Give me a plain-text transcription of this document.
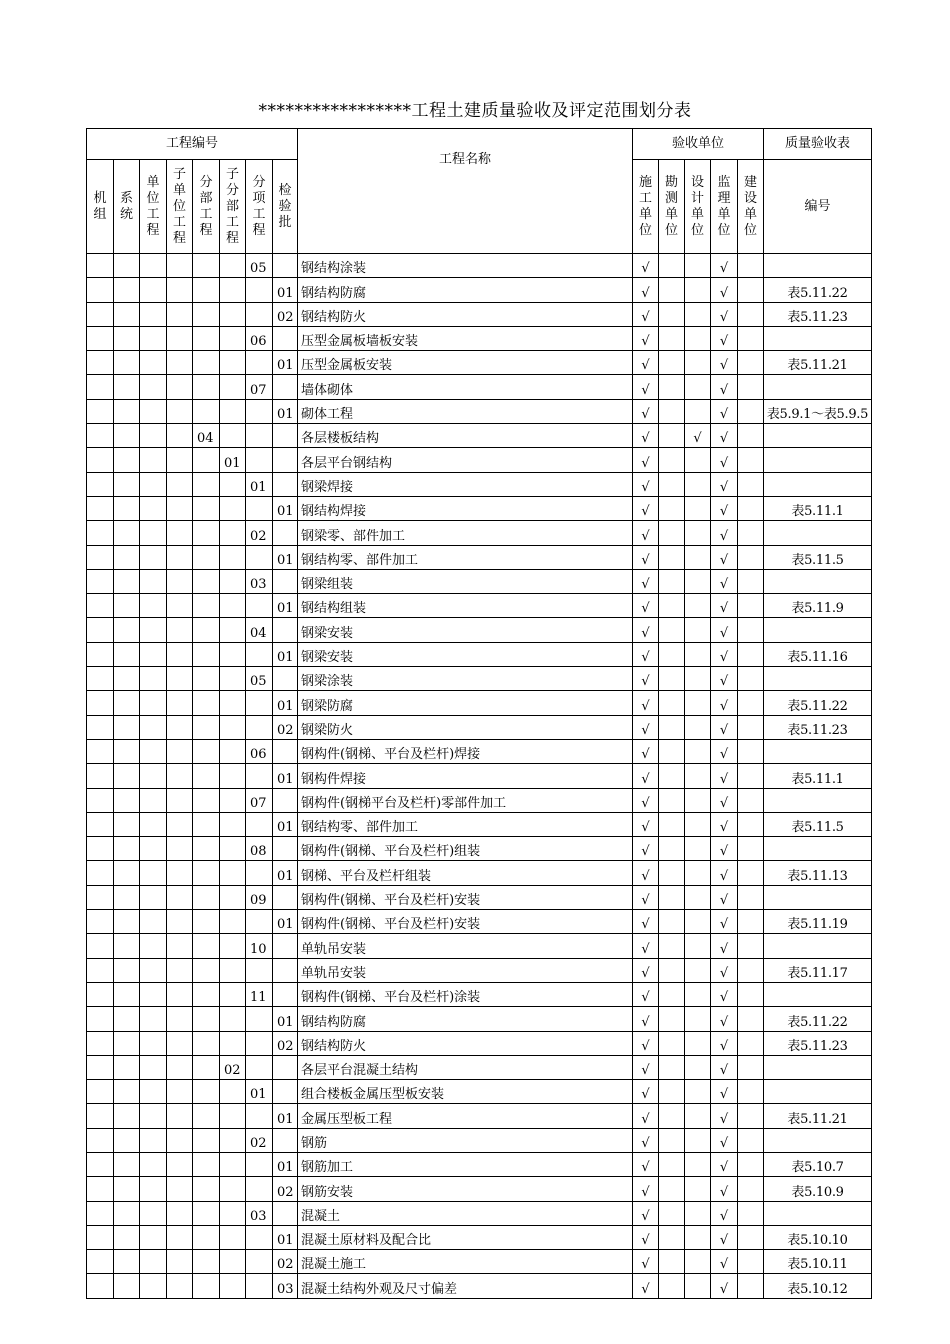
*****************工程土建质量验收及评定范围划分表
工程编号								工程名称	验收单位					质量验收表
机组	系统	单位工程	子单位工程	分部工程	子分部工程	分项工程	检验批		施工单位	勘测单位	设计单位	监理单位	建设单位	编号
						05		钢结构涂装	√			√		
							01	钢结构防腐	√			√		表5.11.22
							02	钢结构防火	√			√		表5.11.23
						06		压型金属板墙板安装	√			√		
							01	压型金属板安装	√			√		表5.11.21
						07		墙体砌体	√			√		
							01	砌体工程	√			√		表5.9.1～表5.9.5
				04				各层楼板结构	√		√	√		
					01			各层平台钢结构	√			√		
						01		钢梁焊接	√			√		
							01	钢结构焊接	√			√		表5.11.1
						02		钢梁零、部件加工	√			√		
							01	钢结构零、部件加工	√			√		表5.11.5
						03		钢梁组装	√			√		
							01	钢结构组装	√			√		表5.11.9
						04		钢梁安装	√			√		
							01	钢梁安装	√			√		表5.11.16
						05		钢梁涂装	√			√		
							01	钢梁防腐	√			√		表5.11.22
							02	钢梁防火	√			√		表5.11.23
						06		钢构件(钢梯、平台及栏杆)焊接	√			√		
							01	钢构件焊接	√			√		表5.11.1
						07		钢构件(钢梯平台及栏杆)零部件加工	√			√		
							01	钢结构零、部件加工	√			√		表5.11.5
						08		钢构件(钢梯、平台及栏杆)组装	√			√		
							01	钢梯、平台及栏杆组装	√			√		表5.11.13
						09		钢构件(钢梯、平台及栏杆)安装	√			√		
							01	钢构件(钢梯、平台及栏杆)安装	√			√		表5.11.19
						10		单轨吊安装	√			√		
								单轨吊安装	√			√		表5.11.17
						11		钢构件(钢梯、平台及栏杆)涂装	√			√		
							01	钢结构防腐	√			√		表5.11.22
							02	钢结构防火	√			√		表5.11.23
					02			各层平台混凝土结构	√			√		
						01		组合楼板金属压型板安装	√			√		
							01	金属压型板工程	√			√		表5.11.21
						02		钢筋	√			√		
							01	钢筋加工	√			√		表5.10.7
							02	钢筋安装	√			√		表5.10.9
						03		混凝土	√			√		
							01	混凝土原材料及配合比	√			√		表5.10.10
							02	混凝土施工	√			√		表5.10.11
							03	混凝土结构外观及尺寸偏差	√			√		表5.10.12
